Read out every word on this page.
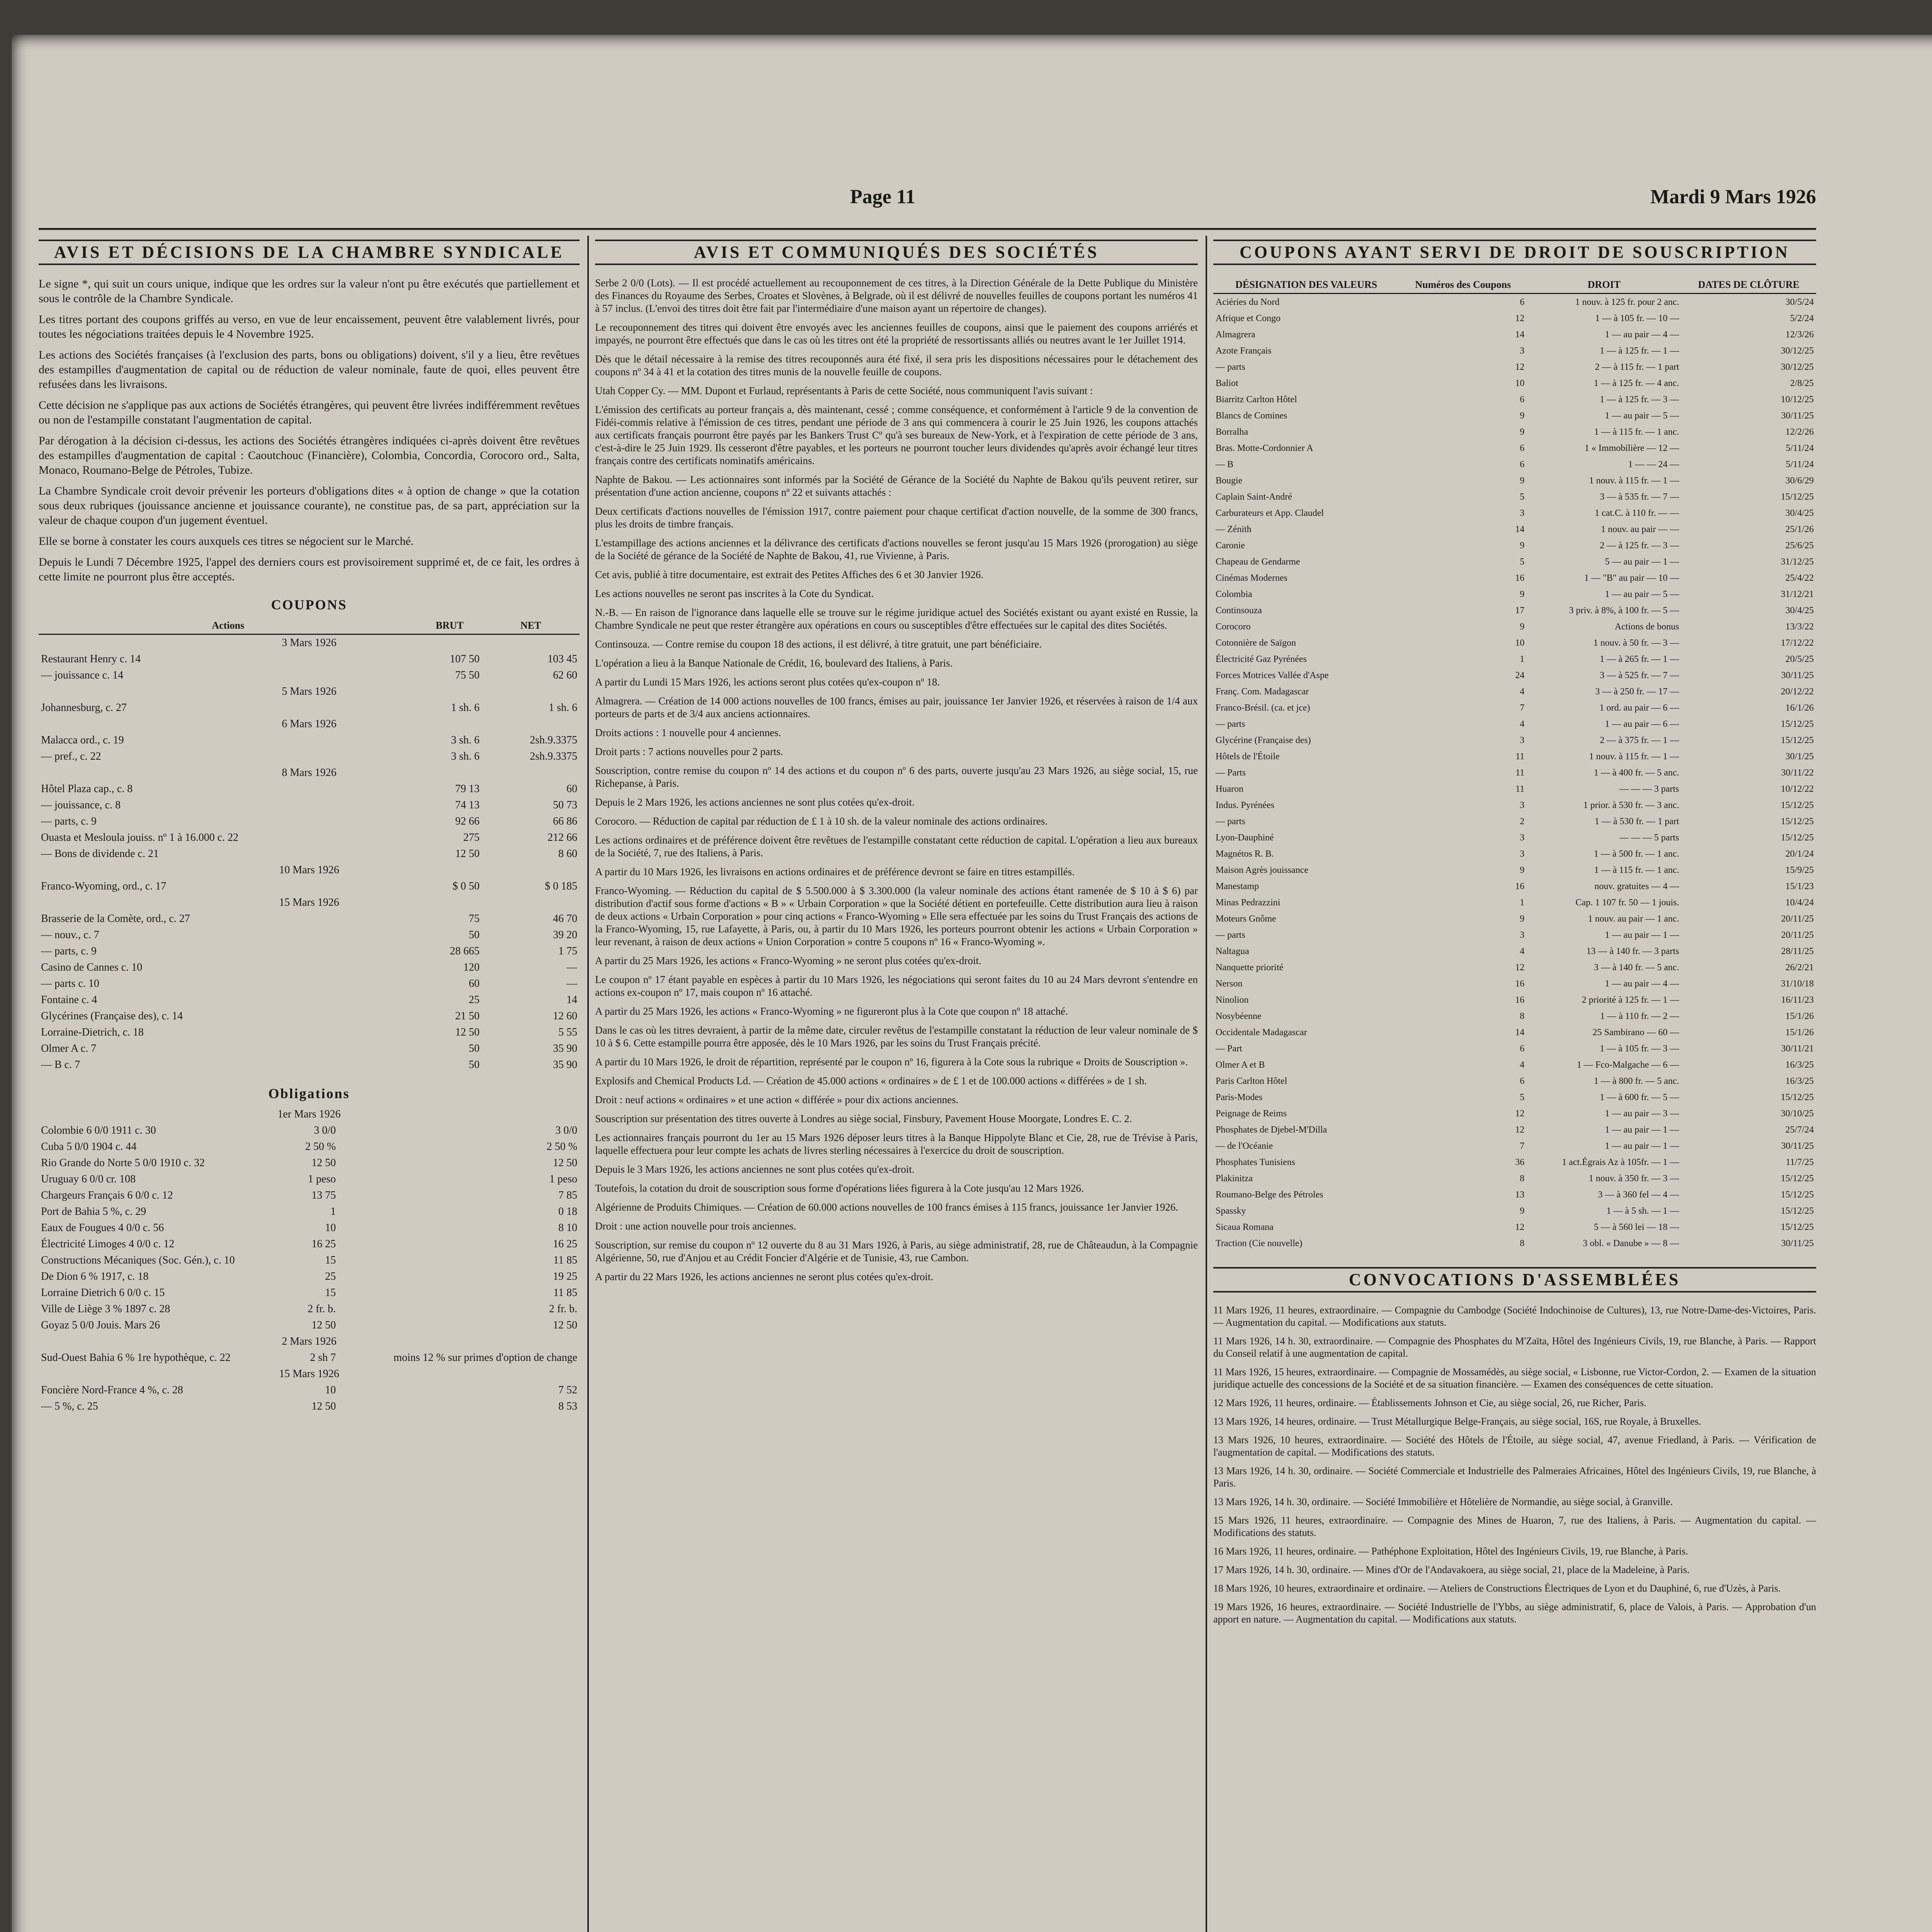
Page 11	Mardi 9 Mars 1926
AVIS ET DÉCISIONS DE LA CHAMBRE SYNDICALE

Le signe *, qui suit un cours unique, indique que les ordres sur la valeur n'ont pu être exécutés que partiellement et sous le contrôle de la Chambre Syndicale.

Les titres portant des coupons griffés au verso, en vue de leur encaissement, peuvent être valablement livrés, pour toutes les négociations traitées depuis le 4 Novembre 1925.

Les actions des Sociétés françaises (à l'exclusion des parts, bons ou obligations) doivent, s'il y a lieu, être revêtues des estampilles d'augmentation de capital ou de réduction de valeur nominale, faute de quoi, elles peuvent être refusées dans les livraisons.

Cette décision ne s'applique pas aux actions de Sociétés étrangères, qui peuvent être livrées indifféremment revêtues ou non de l'estampille constatant l'augmentation de capital.

Par dérogation à la décision ci-dessus, les actions des Sociétés étrangères indiquées ci-après doivent être revêtues des estampilles d'augmentation de capital : Caoutchouc (Financière), Colombia, Concordia, Corocoro ord., Salta, Monaco, Roumano-Belge de Pétroles, Tubize.

La Chambre Syndicale croit devoir prévenir les porteurs d'obligations dites « à option de change » que la cotation sous deux rubriques (jouissance ancienne et jouissance courante), ne constitue pas, de sa part, appréciation sur la valeur de chaque coupon d'un jugement éventuel.

Elle se borne à constater les cours auxquels ces titres se négocient sur le Marché.

Depuis le Lundi 7 Décembre 1925, l'appel des derniers cours est provisoirement supprimé et, de ce fait, les ordres à cette limite ne pourront plus être acceptés.

COUPONS
Actions	BRUT	NET
3 Mars 1926		
Restaurant Henry c. 14	107 50	103 45
— jouissance c. 14	75 50	62 60
5 Mars 1926		
Johannesburg, c. 27	1 sh. 6	1 sh. 6
6 Mars 1926		
Malacca ord., c. 19	3 sh. 6	2sh.9.3375
— pref., c. 22	3 sh. 6	2sh.9.3375
8 Mars 1926		
Hôtel Plaza cap., c. 8	79 13	60
— jouissance, c. 8	74 13	50 73
— parts, c. 9	92 66	66 86
Ouasta et Mesloula jouiss. nº 1 à 16.000 c. 22	275	212 66
— Bons de dividende c. 21	12 50	8 60
10 Mars 1926		
Franco-Wyoming, ord., c. 17	$ 0 50	$ 0 185
15 Mars 1926		
Brasserie de la Comète, ord., c. 27	75	46 70
— nouv., c. 7	50	39 20
— parts, c. 9	28 665	1 75
Casino de Cannes c. 10	120	—
— parts c. 10	60	—
Fontaine c. 4	25	14
Glycérines (Française des), c. 14	21 50	12 60
Lorraine-Dietrich, c. 18	12 50	5 55
Olmer A c. 7	50	35 90
— B c. 7	50	35 90
Obligations
1er Mars 1926		
Colombie 6 0/0 1911 c. 30	3 0/0	3 0/0
Cuba 5 0/0 1904 c. 44	2 50 %	2 50 %
Rio Grande do Norte 5 0/0 1910 c. 32	12 50	12 50
Uruguay 6 0/0 cr. 108	1 peso	1 peso
Chargeurs Français 6 0/0 c. 12	13 75	7 85
Port de Bahia 5 %, c. 29	1	0 18
Eaux de Fougues 4 0/0 c. 56	10	8 10
Électricité Limoges 4 0/0 c. 12	16 25	16 25
Constructions Mécaniques (Soc. Gén.), c. 10	15	11 85
De Dion 6 % 1917, c. 18	25	19 25
Lorraine Dietrich 6 0/0 c. 15	15	11 85
Ville de Liège 3 % 1897 c. 28	2 fr. b.	2 fr. b.
Goyaz 5 0/0 Jouis. Mars 26	12 50	12 50
2 Mars 1926		
Sud-Ouest Bahia 6 % 1re hypothèque, c. 22	2 sh 7	moins 12 % sur primes d'option de change
15 Mars 1926		
Foncière Nord-France 4 %, c. 28	10	7 52
— 5 %, c. 25	12 50	8 53
AVIS ET COMMUNIQUÉS DES SOCIÉTÉS

Serbe 2 0/0 (Lots). — Il est procédé actuellement au recouponnement de ces titres, à la Direction Générale de la Dette Publique du Ministère des Finances du Royaume des Serbes, Croates et Slovènes, à Belgrade, où il est délivré de nouvelles feuilles de coupons portant les numéros 41 à 57 inclus. (L'envoi des titres doit être fait par l'intermédiaire d'une maison ayant un répertoire de changes).

Le recouponnement des titres qui doivent être envoyés avec les anciennes feuilles de coupons, ainsi que le paiement des coupons arriérés et impayés, ne pourront être effectués que dans le cas où les titres ont été la propriété de ressortissants alliés ou neutres avant le 1er Juillet 1914.

Dès que le détail nécessaire à la remise des titres recouponnés aura été fixé, il sera pris les dispositions nécessaires pour le détachement des coupons nº 34 à 41 et la cotation des titres munis de la nouvelle feuille de coupons.

Utah Copper Cy. — MM. Dupont et Furlaud, représentants à Paris de cette Société, nous communiquent l'avis suivant :

L'émission des certificats au porteur français a, dès maintenant, cessé ; comme conséquence, et conformément à l'article 9 de la convention de Fidéi-commis relative à l'émission de ces titres, pendant une période de 3 ans qui commencera à courir le 25 Juin 1926, les coupons attachés aux certificats français pourront être payés par les Bankers Trust Cº qu'à ses bureaux de New-York, et à l'expiration de cette période de 3 ans, c'est-à-dire le 25 Juin 1929. Ils cesseront d'être payables, et les porteurs ne pourront toucher leurs dividendes qu'après avoir échangé leur titres français contre des certificats nominatifs américains.

Naphte de Bakou. — Les actionnaires sont informés par la Société de Gérance de la Société du Naphte de Bakou qu'ils peuvent retirer, sur présentation d'une action ancienne, coupons nº 22 et suivants attachés :

Deux certificats d'actions nouvelles de l'émission 1917, contre paiement pour chaque certificat d'action nouvelle, de la somme de 300 francs, plus les droits de timbre français.

L'estampillage des actions anciennes et la délivrance des certificats d'actions nouvelles se feront jusqu'au 15 Mars 1926 (prorogation) au siège de la Société de gérance de la Société de Naphte de Bakou, 41, rue Vivienne, à Paris.

Cet avis, publié à titre documentaire, est extrait des Petites Affiches des 6 et 30 Janvier 1926.

Les actions nouvelles ne seront pas inscrites à la Cote du Syndicat.

N.-B. — En raison de l'ignorance dans laquelle elle se trouve sur le régime juridique actuel des Sociétés existant ou ayant existé en Russie, la Chambre Syndicale ne peut que rester étrangère aux opérations en cours ou susceptibles d'être effectuées sur le capital des dites Sociétés.

Continsouza. — Contre remise du coupon 18 des actions, il est délivré, à titre gratuit, une part bénéficiaire.

L'opération a lieu à la Banque Nationale de Crédit, 16, boulevard des Italiens, à Paris.

A partir du Lundi 15 Mars 1926, les actions seront plus cotées qu'ex-coupon nº 18.

Almagrera. — Création de 14 000 actions nouvelles de 100 francs, émises au pair, jouissance 1er Janvier 1926, et réservées à raison de 1/4 aux porteurs de parts et de 3/4 aux anciens actionnaires.

Droits actions : 1 nouvelle pour 4 anciennes.

Droit parts : 7 actions nouvelles pour 2 parts.

Souscription, contre remise du coupon nº 14 des actions et du coupon nº 6 des parts, ouverte jusqu'au 23 Mars 1926, au siège social, 15, rue Richepanse, à Paris.

Depuis le 2 Mars 1926, les actions anciennes ne sont plus cotées qu'ex-droit.

Corocoro. — Réduction de capital par réduction de £ 1 à 10 sh. de la valeur nominale des actions ordinaires.

Les actions ordinaires et de préférence doivent être revêtues de l'estampille constatant cette réduction de capital. L'opération a lieu aux bureaux de la Société, 7, rue des Italiens, à Paris.

A partir du 10 Mars 1926, les livraisons en actions ordinaires et de préférence devront se faire en titres estampillés.

Franco-Wyoming. — Réduction du capital de $ 5.500.000 à $ 3.300.000 (la valeur nominale des actions étant ramenée de $ 10 à $ 6) par distribution d'actif sous forme d'actions « B » « Urbain Corporation » que la Société détient en portefeuille. Cette distribution aura lieu à raison de deux actions « Urbain Corporation » pour cinq actions « Franco-Wyoming » Elle sera effectuée par les soins du Trust Français des actions de la Franco-Wyoming, 15, rue Lafayette, à Paris, ou, à partir du 10 Mars 1926, les porteurs pourront obtenir les actions « Urbain Corporation » leur revenant, à raison de deux actions « Union Corporation » contre 5 coupons nº 16 « Franco-Wyoming ».

A partir du 25 Mars 1926, les actions « Franco-Wyoming » ne seront plus cotées qu'ex-droit.

Le coupon nº 17 étant payable en espèces à partir du 10 Mars 1926, les négociations qui seront faites du 10 au 24 Mars devront s'entendre en actions ex-coupon nº 17, mais coupon nº 16 attaché.

A partir du 25 Mars 1926, les actions « Franco-Wyoming » ne figureront plus à la Cote que coupon nº 18 attaché.

Dans le cas où les titres devraient, à partir de la même date, circuler revêtus de l'estampille constatant la réduction de leur valeur nominale de $ 10 à $ 6. Cette estampille pourra être apposée, dès le 10 Mars 1926, par les soins du Trust Français précité.

A partir du 10 Mars 1926, le droit de répartition, représenté par le coupon nº 16, figurera à la Cote sous la rubrique « Droits de Souscription ».

Explosifs and Chemical Products Ld. — Création de 45.000 actions « ordinaires » de £ 1 et de 100.000 actions « différées » de 1 sh.

Droit : neuf actions « ordinaires » et une action « différée » pour dix actions anciennes.

Souscription sur présentation des titres ouverte à Londres au siège social, Finsbury, Pavement House Moorgate, Londres E. C. 2.

Les actionnaires français pourront du 1er au 15 Mars 1926 déposer leurs titres à la Banque Hippolyte Blanc et Cie, 28, rue de Trévise à Paris, laquelle effectuera pour leur compte les achats de livres sterling nécessaires à l'exercice du droit de souscription.

Depuis le 3 Mars 1926, les actions anciennes ne sont plus cotées qu'ex-droit.

Toutefois, la cotation du droit de souscription sous forme d'opérations liées figurera à la Cote jusqu'au 12 Mars 1926.

Algérienne de Produits Chimiques. — Création de 60.000 actions nouvelles de 100 francs émises à 115 francs, jouissance 1er Janvier 1926.

Droit : une action nouvelle pour trois anciennes.

Souscription, sur remise du coupon nº 12 ouverte du 8 au 31 Mars 1926, à Paris, au siège administratif, 28, rue de Châteaudun, à la Compagnie Algérienne, 50, rue d'Anjou et au Crédit Foncier d'Algérie et de Tunisie, 43, rue Cambon.

A partir du 22 Mars 1926, les actions anciennes ne seront plus cotées qu'ex-droit.

COUPONS AYANT SERVI DE DROIT DE SOUSCRIPTION
DÉSIGNATION DES VALEURS	Numéros des Coupons	DROIT	DATES DE CLÔTURE
Aciéries du Nord	6	1 nouv. à 125 fr. pour 2 anc.	30/5/24
Afrique et Congo	12	1 — à 105 fr. — 10 —	5/2/24
Almagrera	14	1 — au pair — 4 —	12/3/26
Azote Français	3	1 — à 125 fr. — 1 —	30/12/25
— parts	12	2 — à 115 fr. — 1 part	30/12/25
Baliot	10	1 — à 125 fr. — 4 anc.	2/8/25
Biarritz Carlton Hôtel	6	1 — à 125 fr. — 3 —	10/12/25
Blancs de Comines	9	1 — au pair — 5 —	30/11/25
Borralha	9	1 — à 115 fr. — 1 anc.	12/2/26
Bras. Motte-Cordonnier A	6	1 « Immobilière — 12 —	5/11/24
— B	6	1 — — 24 —	5/11/24
Bougie	9	1 nouv. à 115 fr. — 1 —	30/6/29
Caplain Saint-André	5	3 — à 535 fr. — 7 —	15/12/25
Carburateurs et App. Claudel	3	1 cat.C. à 110 fr. — —	30/4/25
— Zénith	14	1 nouv. au pair — —	25/1/26
Caronie	9	2 — à 125 fr. — 3 —	25/6/25
Chapeau de Gendarme	5	5 — au pair — 1 —	31/12/25
Cinémas Modernes	16	1 — "B" au pair — 10 —	25/4/22
Colombia	9	1 — au pair — 5 —	31/12/21
Continsouza	17	3 priv. à 8%, à 100 fr. — 5 —	30/4/25
Corocoro	9	Actions de bonus	13/3/22
Cotonnière de Saïgon	10	1 nouv. à 50 fr. — 3 —	17/12/22
Électricité Gaz Pyrénées	1	1 — à 265 fr. — 1 —	20/5/25
Forces Motrices Vallée d'Aspe	24	3 — à 525 fr. — 7 —	30/11/25
Franç. Com. Madagascar	4	3 — à 250 fr. — 17 —	20/12/22
Franco-Brésil. (ca. et jce)	7	1 ord. au pair — 6 —	16/1/26
— parts	4	1 — au pair — 6 —	15/12/25
Glycérine (Française des)	3	2 — à 375 fr. — 1 —	15/12/25
Hôtels de l'Étoile	11	1 nouv. à 115 fr. — 1 —	30/1/25
— Parts	11	1 — à 400 fr. — 5 anc.	30/11/22
Huaron	11	— — — 3 parts	10/12/22
Indus. Pyrénées	3	1 prior. à 530 fr. — 3 anc.	15/12/25
— parts	2	1 — à 530 fr. — 1 part	15/12/25
Lyon-Dauphiné	3	— — — 5 parts	15/12/25
Magnétos R. B.	3	1 — à 500 fr. — 1 anc.	20/1/24
Maison Agrès jouissance	9	1 — à 115 fr. — 1 anc.	15/9/25
Manestamp	16	nouv. gratuites — 4 —	15/1/23
Minas Pedrazzini	1	Cap. 1 107 fr. 50 — 1 jouis.	10/4/24
Moteurs Gnôme	9	1 nouv. au pair — 1 anc.	20/11/25
— parts	3	1 — au pair — 1 —	20/11/25
Naltagua	4	13 — à 140 fr. — 3 parts	28/11/25
Nanquette priorité	12	3 — à 140 fr. — 5 anc.	26/2/21
Nerson	16	1 — au pair — 4 —	31/10/18
Ninolion	16	2 priorité à 125 fr. — 1 —	16/11/23
Nosybéenne	8	1 — à 110 fr. — 2 —	15/1/26
Occidentale Madagascar	14	25 Sambirano — 60 —	15/1/26
— Part	6	1 — à 105 fr. — 3 —	30/11/21
Olmer A et B	4	1 — Fco-Malgache — 6 —	16/3/25
Paris Carlton Hôtel	6	1 — à 800 fr. — 5 anc.	16/3/25
Paris-Modes	5	1 — à 600 fr. — 5 —	15/12/25
Peignage de Reims	12	1 — au pair — 3 —	30/10/25
Phosphates de Djebel-M'Dilla	12	1 — au pair — 1 —	25/7/24
— de l'Océanie	7	1 — au pair — 1 —	30/11/25
Phosphates Tunisiens	36	1 act.Égrais Az à 105fr. — 1 —	11/7/25
Plakinitza	8	1 nouv. à 350 fr. — 3 —	15/12/25
Roumano-Belge des Pétroles	13	3 — à 360 fel — 4 —	15/12/25
Spassky	9	1 — à 5 sh. — 1 —	15/12/25
Sicaua Romana	12	5 — à 560 lei — 18 —	15/12/25
Traction (Cie nouvelle)	8	3 obl. « Danube » — 8 —	30/11/25
CONVOCATIONS D'ASSEMBLÉES

11 Mars 1926, 11 heures, extraordinaire. — Compagnie du Cambodge (Société Indochinoise de Cultures), 13, rue Notre-Dame-des-Victoires, Paris. — Augmentation du capital. — Modifications aux statuts.

11 Mars 1926, 14 h. 30, extraordinaire. — Compagnie des Phosphates du M'Zaïta, Hôtel des Ingénieurs Civils, 19, rue Blanche, à Paris. — Rapport du Conseil relatif à une augmentation de capital.

11 Mars 1926, 15 heures, extraordinaire. — Compagnie de Mossamédès, au siège social, « Lisbonne, rue Victor-Cordon, 2. — Examen de la situation juridique actuelle des concessions de la Société et de sa situation financière. — Examen des conséquences de cette situation.

12 Mars 1926, 11 heures, ordinaire. — Établissements Johnson et Cie, au siège social, 26, rue Richer, Paris.

13 Mars 1926, 14 heures, ordinaire. — Trust Métallurgique Belge-Français, au siège social, 16S, rue Royale, à Bruxelles.

13 Mars 1926, 10 heures, extraordinaire. — Société des Hôtels de l'Étoile, au siège social, 47, avenue Friedland, à Paris. — Vérification de l'augmentation de capital. — Modifications des statuts.

13 Mars 1926, 14 h. 30, ordinaire. — Société Commerciale et Industrielle des Palmeraies Africaines, Hôtel des Ingénieurs Civils, 19, rue Blanche, à Paris.

13 Mars 1926, 14 h. 30, ordinaire. — Société Immobilière et Hôtelière de Normandie, au siège social, à Granville.

15 Mars 1926, 11 heures, extraordinaire. — Compagnie des Mines de Huaron, 7, rue des Italiens, à Paris. — Augmentation du capital. — Modifications des statuts.

16 Mars 1926, 11 heures, ordinaire. — Pathéphone Exploitation, Hôtel des Ingénieurs Civils, 19, rue Blanche, à Paris.

17 Mars 1926, 14 h. 30, ordinaire. — Mines d'Or de l'Andavakoera, au siège social, 21, place de la Madeleine, à Paris.

18 Mars 1926, 10 heures, extraordinaire et ordinaire. — Ateliers de Constructions Électriques de Lyon et du Dauphiné, 6, rue d'Uzès, à Paris.

19 Mars 1926, 16 heures, extraordinaire. — Société Industrielle de l'Ybbs, au siège administratif, 6, place de Valois, à Paris. — Approbation d'un apport en nature. — Augmentation du capital. — Modifications aux statuts.
